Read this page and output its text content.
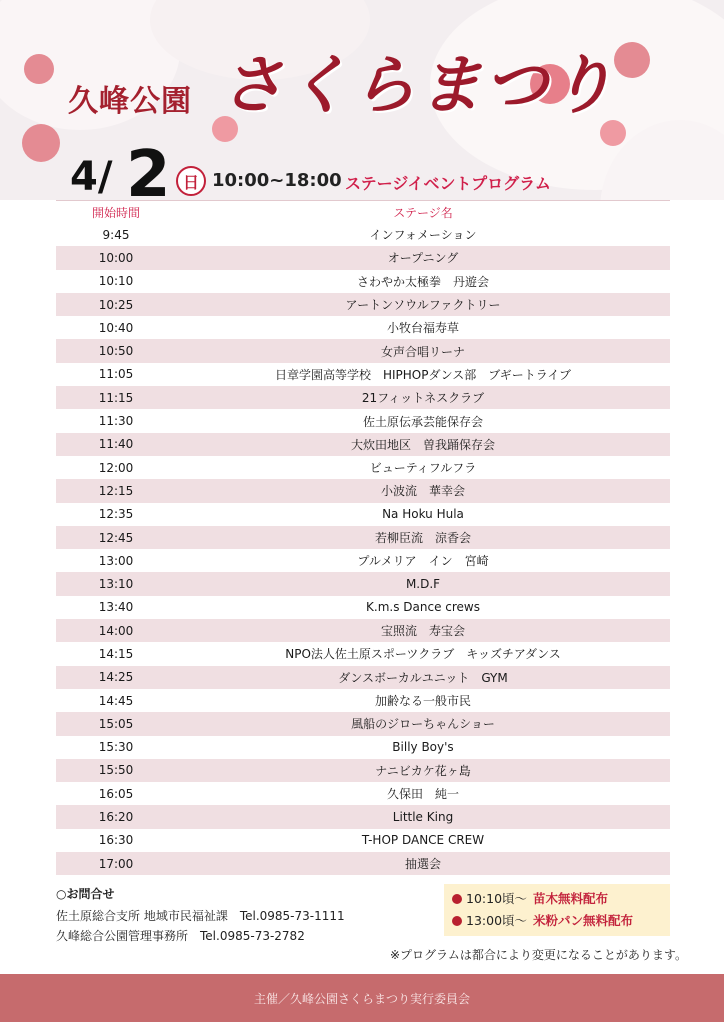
久峰公園 さくらまつり
4/ 2 日 10:00~18:00 ステージイベントプログラム
開始時間	ステージ名
9:45	インフォメーション
10:00	オープニング
10:10	さわやか太極拳　丹遊会
10:25	アートンソウルファクトリー
10:40	小牧台福寿草
10:50	女声合唱リーナ
11:05	日章学園高等学校　HIPHOPダンス部　ブギートライブ
11:15	21フィットネスクラブ
11:30	佐土原伝承芸能保存会
11:40	大炊田地区　曽我踊保存会
12:00	ビューティフルフラ
12:15	小波流　華幸会
12:35	Na Hoku Hula
12:45	若柳臣流　涼香会
13:00	プルメリア　イン　宮崎
13:10	M.D.F
13:40	K.m.s Dance crews
14:00	宝照流　寿宝会
14:15	NPO法人佐土原スポーツクラブ　キッズチアダンス
14:25	ダンスボーカルユニット　GYM
14:45	加齢なる一般市民
15:05	風船のジローちゃんショー
15:30	Billy Boy's
15:50	ナニビカケ花ヶ島
16:05	久保田　純一
16:20	Little King
16:30	T-HOP DANCE CREW
17:00	抽選会
○お問合せ
佐土原総合支所 地域市民福祉課　Tel.0985-73-1111
久峰総合公園管理事務所　Tel.0985-73-2782
10:10頃～ 苗木無料配布
13:00頃～ 米粉パン無料配布
※プログラムは都合により変更になることがあります。
主催／久峰公園さくらまつり実行委員会
